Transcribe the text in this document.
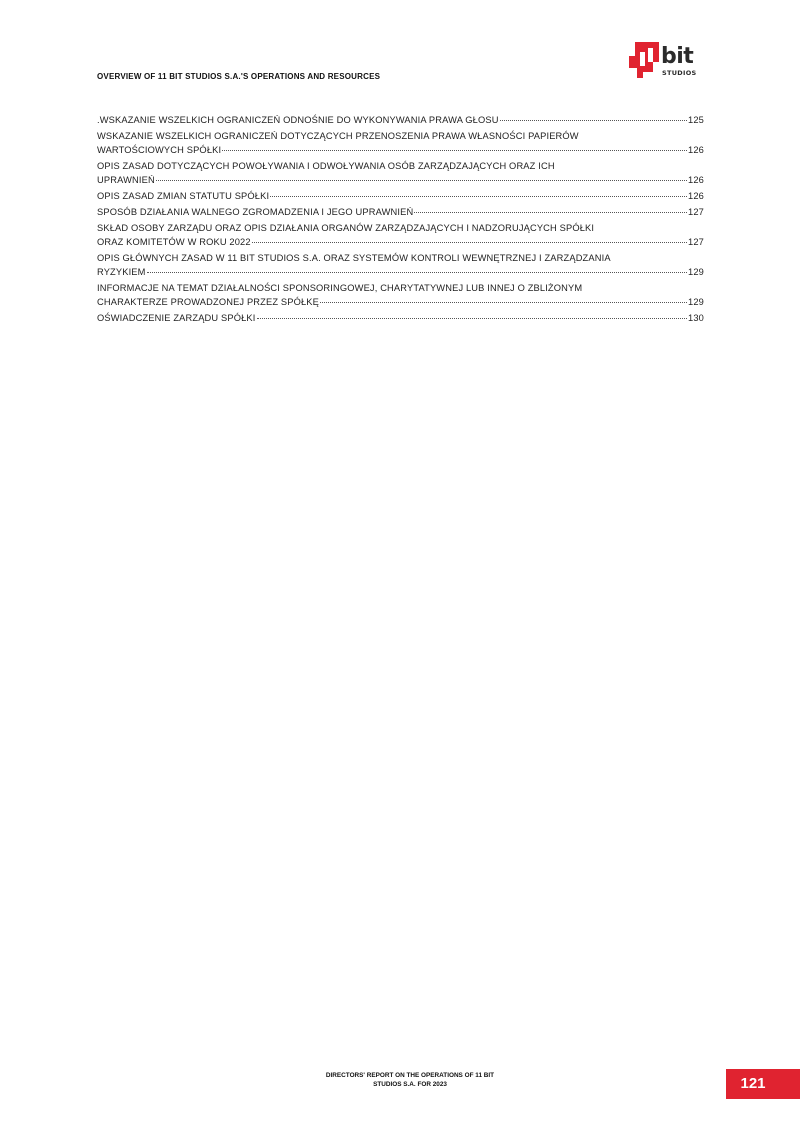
OVERVIEW OF 11 BIT STUDIOS S.A.'S OPERATIONS AND RESOURCES
bit
STUDIOS
.WSKAZANIE WSZELKICH OGRANICZEŃ ODNOŚNIE DO WYKONYWANIA PRAWA GŁOSU	125
WSKAZANIE WSZELKICH OGRANICZEŃ DOTYCZĄCYCH PRZENOSZENIA PRAWA WŁASNOŚCI PAPIERÓW
WARTOŚCIOWYCH SPÓŁKI	126
OPIS ZASAD DOTYCZĄCYCH POWOŁYWANIA I ODWOŁYWANIA OSÓB ZARZĄDZAJĄCYCH ORAZ ICH
UPRAWNIEŃ	126
OPIS ZASAD ZMIAN STATUTU SPÓŁKI	126
SPOSÓB DZIAŁANIA WALNEGO ZGROMADZENIA I JEGO UPRAWNIEŃ	127
SKŁAD OSOBY ZARZĄDU ORAZ OPIS DZIAŁANIA ORGANÓW ZARZĄDZAJĄCYCH I NADZORUJĄCYCH SPÓŁKI
ORAZ KOMITETÓW W ROKU 2022	127
OPIS GŁÓWNYCH ZASAD W 11 BIT STUDIOS S.A. ORAZ SYSTEMÓW KONTROLI WEWNĘTRZNEJ I ZARZĄDZANIA
RYZYKIEM	129
INFORMACJE NA TEMAT DZIAŁALNOŚCI SPONSORINGOWEJ, CHARYTATYWNEJ LUB INNEJ O ZBLIŻONYM
CHARAKTERZE PROWADZONEJ PRZEZ SPÓŁKĘ	129
OŚWIADCZENIE ZARZĄDU SPÓŁKI	130
DIRECTORS' REPORT ON THE OPERATIONS OF 11 BIT
STUDIOS S.A. FOR 2023	121
